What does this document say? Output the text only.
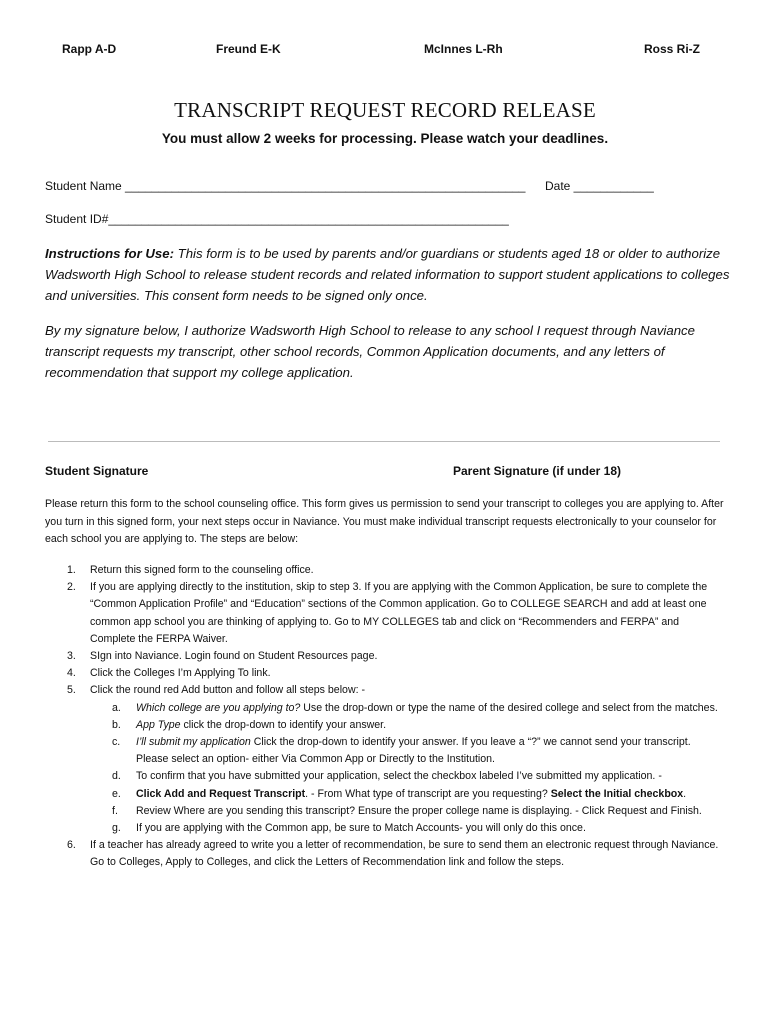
Rapp A-D	Freund E-K	McInnes L-Rh	Ross Ri-Z
TRANSCRIPT REQUEST RECORD RELEASE
You must allow 2 weeks for processing. Please watch your deadlines.
Student Name ____________________________________________________________ Date ____________
Student ID#____________________________________________________________
Instructions for Use: This form is to be used by parents and/or guardians or students aged 18 or older to authorize Wadsworth High School to release student records and related information to support student applications to colleges and universities. This consent form needs to be signed only once.
By my signature below, I authorize Wadsworth High School to release to any school I request through Naviance transcript requests my transcript, other school records, Common Application documents, and any letters of recommendation that support my college application.
Student Signature	Parent Signature (if under 18)
Please return this form to the school counseling office. This form gives us permission to send your transcript to colleges you are applying to. After you turn in this signed form, your next steps occur in Naviance. You must make individual transcript requests electronically to your counselor for each school you are applying to. The steps are below:
1. Return this signed form to the counseling office.
2. If you are applying directly to the institution, skip to step 3. If you are applying with the Common Application, be sure to complete the “Common Application Profile” and “Education” sections of the Common application. Go to COLLEGE SEARCH and add at least one common app school you are thinking of applying to. Go to MY COLLEGES tab and click on “Recommenders and FERPA” and Complete the FERPA Waiver.
3. SIgn into Naviance. Login found on Student Resources page.
4. Click the Colleges I’m Applying To link.
5. Click the round red Add button and follow all steps below: -
a. Which college are you applying to? Use the drop-down or type the name of the desired college and select from the matches.
b. App Type click the drop-down to identify your answer.
c. I’ll submit my application Click the drop-down to identify your answer. If you leave a “?” we cannot send your transcript. Please select an option- either Via Common App or Directly to the Institution.
d. To confirm that you have submitted your application, select the checkbox labeled I’ve submitted my application. -
e. Click Add and Request Transcript. - From What type of transcript are you requesting? Select the Initial checkbox.
f. Review Where are you sending this transcript? Ensure the proper college name is displaying. - Click Request and Finish.
g. If you are applying with the Common app, be sure to Match Accounts- you will only do this once.
6. If a teacher has already agreed to write you a letter of recommendation, be sure to send them an electronic request through Naviance. Go to Colleges, Apply to Colleges, and click the Letters of Recommendation link and follow the steps.
